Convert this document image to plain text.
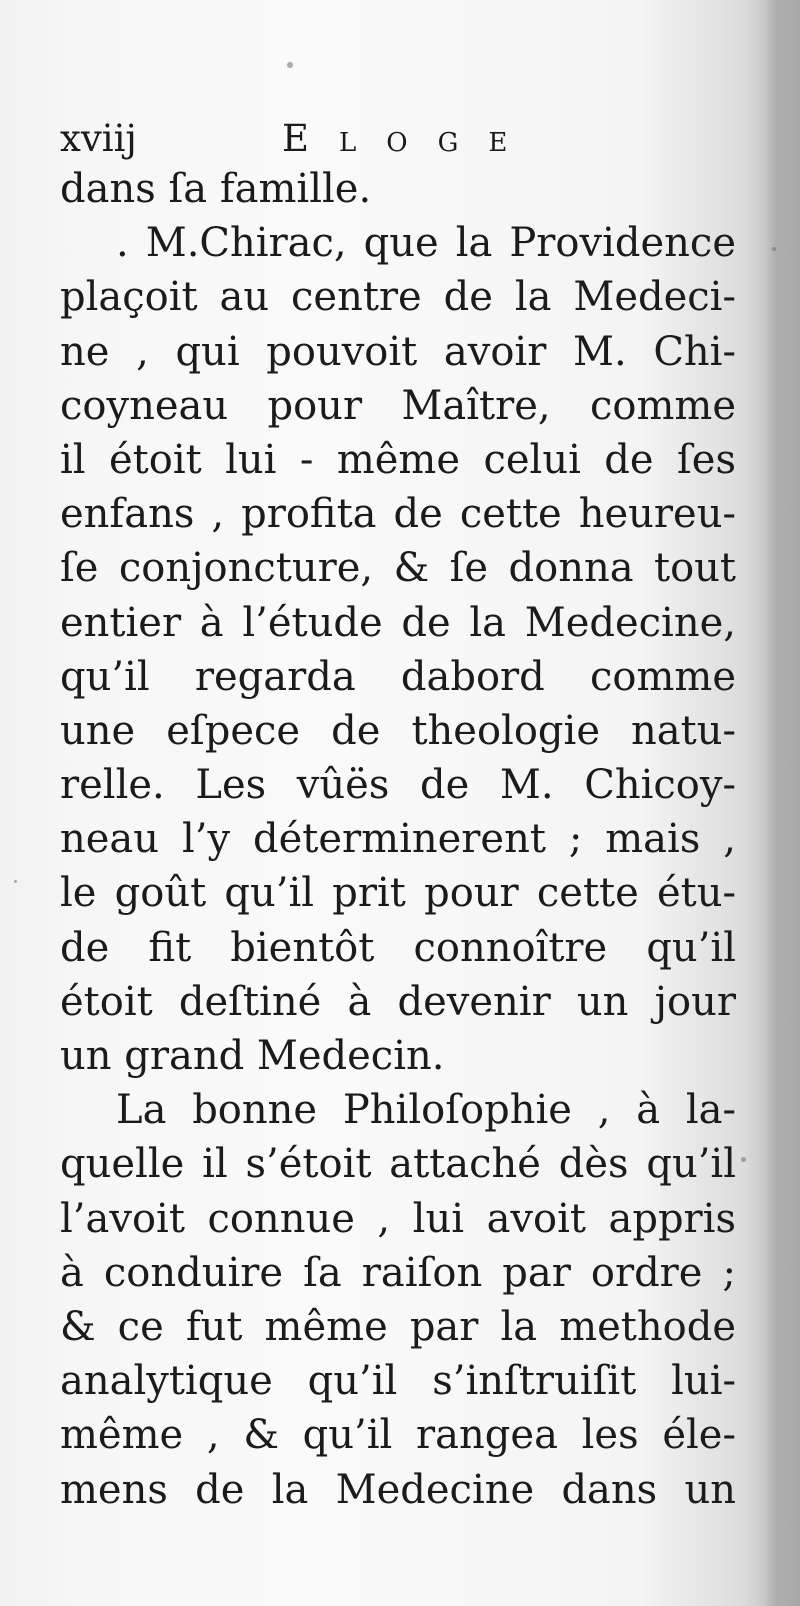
xviij	Eloge
dans ſa famille.
. M.Chirac, que la Providence
plaçoit au centre de la Medeci-
ne , qui pouvoit avoir M. Chi-
coyneau pour Maître, comme
il étoit lui - même celui de ſes
enfans , profita de cette heureu-
ſe conjoncture, & ſe donna tout
entier à l’étude de la Medecine,
qu’il regarda dabord comme
une eſpece de theologie natu-
relle. Les vûës de M. Chicoy-
neau l’y déterminerent ; mais ,
le goût qu’il prit pour cette étu-
de fit bientôt connoître qu’il
étoit deſtiné à devenir un jour
un grand Medecin.
La bonne Philoſophie , à la-
quelle il s’étoit attaché dès qu’il
l’avoit connue , lui avoit appris
à conduire ſa raiſon par ordre ;
& ce fut même par la methode
analytique qu’il s’inſtruiſit lui-
même , & qu’il rangea les éle-
mens de la Medecine dans un
